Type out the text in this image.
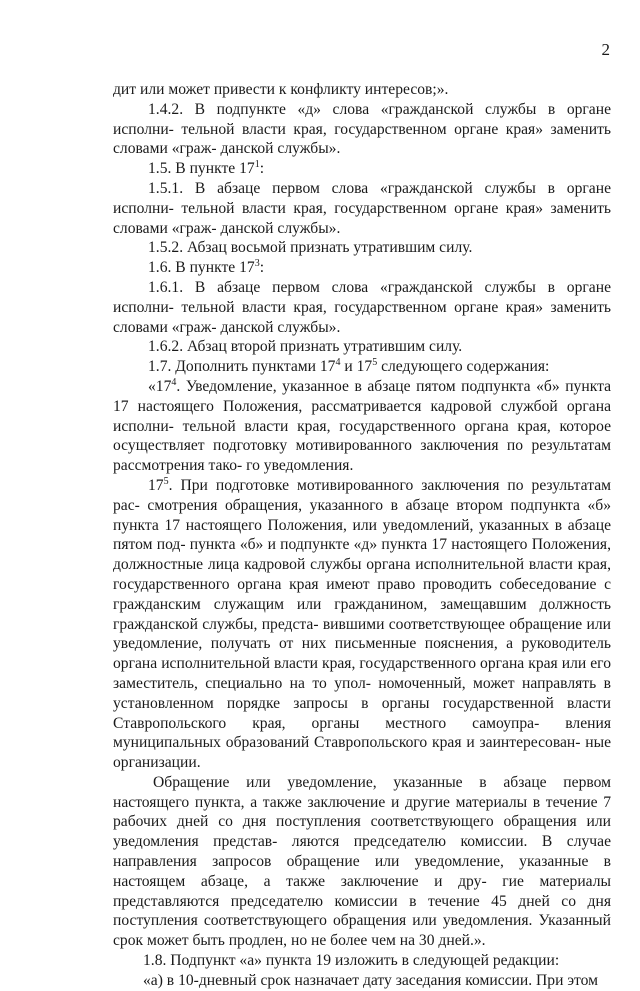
2

дит или может привести к конфликту интересов;».

1.4.2. В подпункте «д» слова «гражданской службы в органе исполни- тельной власти края, государственном органе края» заменить словами «граж- данской службы».

1.5. В пункте $17^1$:

1.5.1. В абзаце первом слова «гражданской службы в органе исполни- тельной власти края, государственном органе края» заменить словами «граж- данской службы».

1.5.2. Абзац восьмой признать утратившим силу.

1.6. В пункте $17^3$:

1.6.1. В абзаце первом слова «гражданской службы в органе исполни- тельной власти края, государственном органе края» заменить словами «граж- данской службы».

1.6.2. Абзац второй признать утратившим силу.

1.7. Дополнить пунктами $17^4$ и $17^5$ следующего содержания:

«$17^4$. Уведомление, указанное в абзаце пятом подпункта «б» пункта 17 настоящего Положения, рассматривается кадровой службой органа исполни- тельной власти края, государственного органа края, которое осуществляет подготовку мотивированного заключения по результатам рассмотрения тако- го уведомления.

$17^5$. При подготовке мотивированного заключения по результатам рас- смотрения обращения, указанного в абзаце втором подпункта «б» пункта 17 настоящего Положения, или уведомлений, указанных в абзаце пятом под- пункта «б» и подпункте «д» пункта 17 настоящего Положения, должностные лица кадровой службы органа исполнительной власти края, государственного органа края имеют право проводить собеседование с гражданским служащим или гражданином, замещавшим должность гражданской службы, предста- вившими соответствующее обращение или уведомление, получать от них письменные пояснения, а руководитель органа исполнительной власти края, государственного органа края или его заместитель, специально на то упол- номоченный, может направлять в установленном порядке запросы в органы государственной власти Ставропольского края, органы местного самоупра- вления муниципальных образований Ставропольского края и заинтересован- ные организации.

Обращение или уведомление, указанные в абзаце первом настоящего пункта, а также заключение и другие материалы в течение 7 рабочих дней со дня поступления соответствующего обращения или уведомления представ- ляются председателю комиссии. В случае направления запросов обращение или уведомление, указанные в настоящем абзаце, а также заключение и дру- гие материалы представляются председателю комиссии в течение 45 дней со дня поступления соответствующего обращения или уведомления. Указанный срок может быть продлен, но не более чем на 30 дней.».

1.8. Подпункт «а» пункта 19 изложить в следующей редакции:

«а) в 10-дневный срок назначает дату заседания комиссии. При этом
